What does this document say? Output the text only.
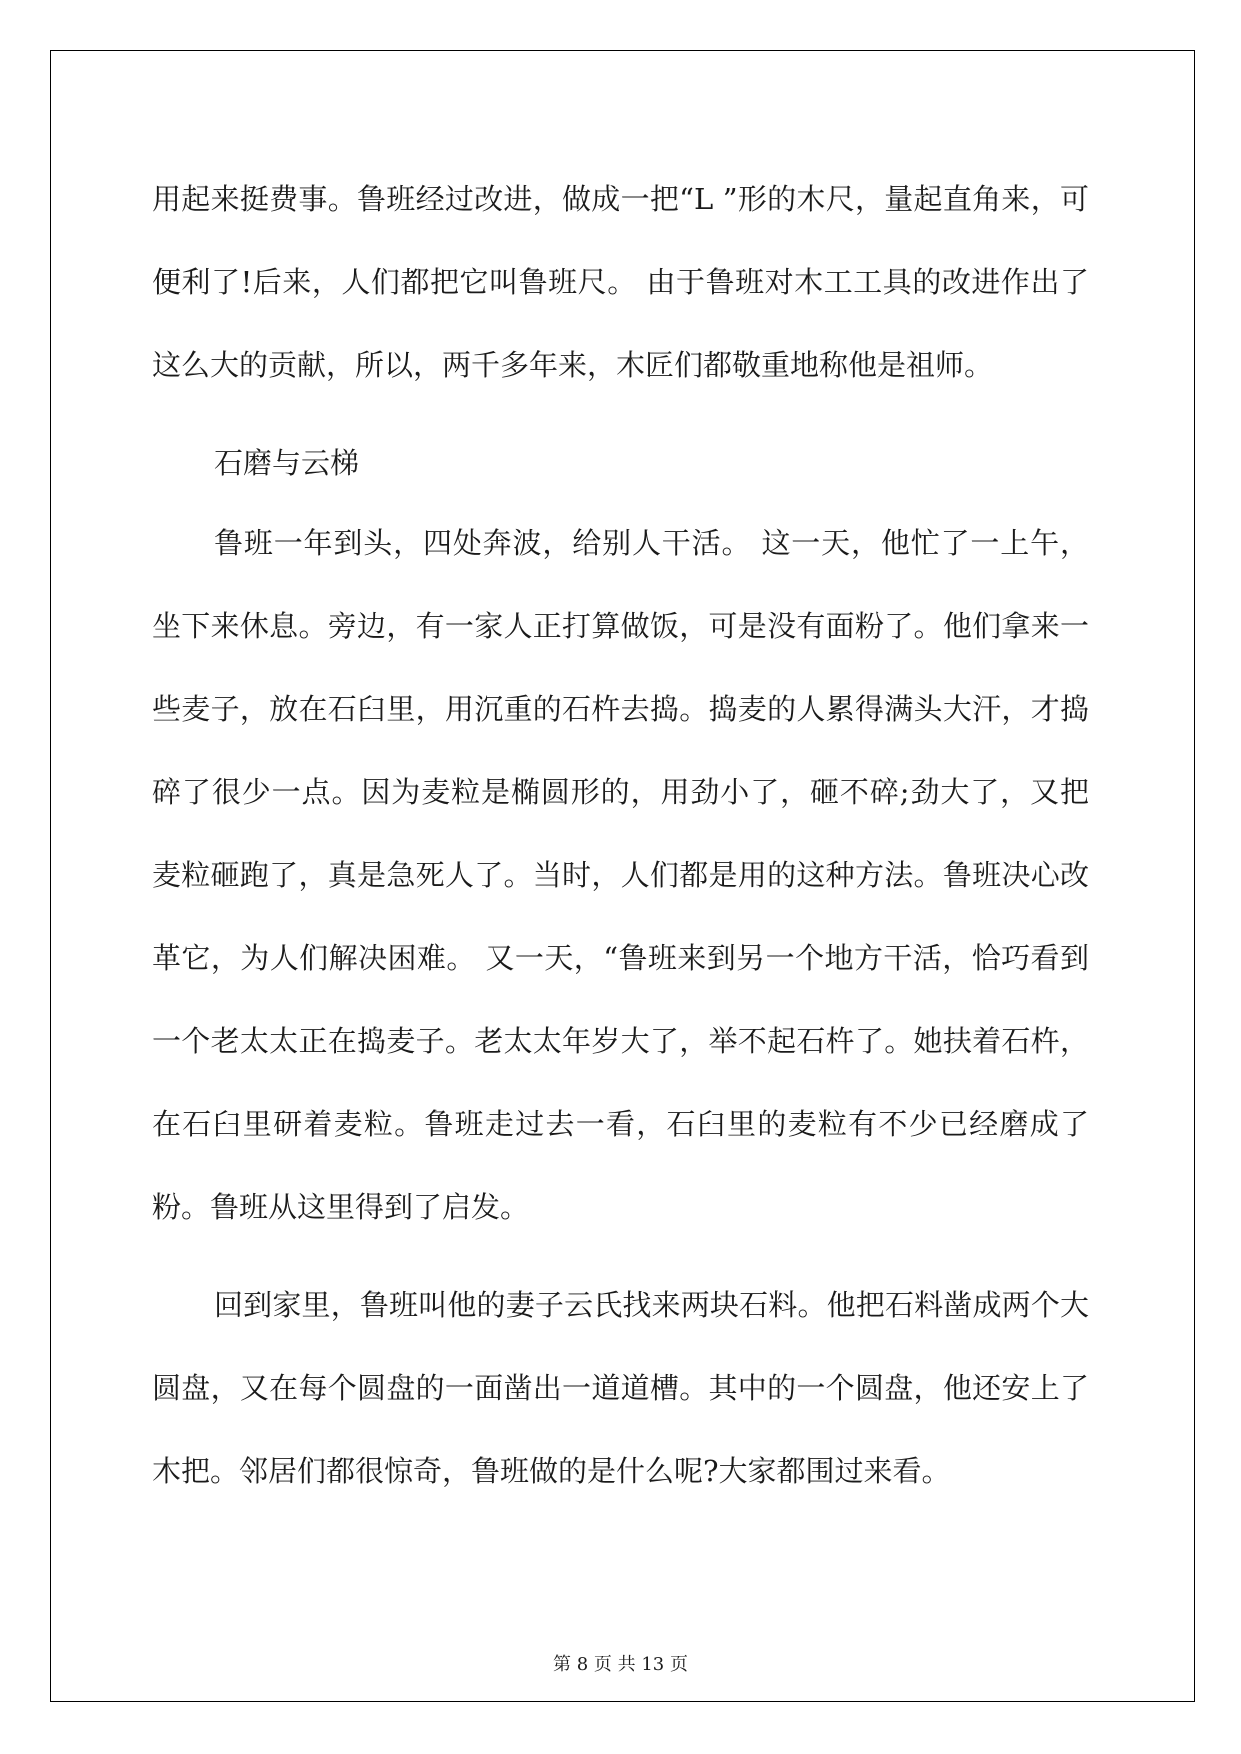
用起来挺费事。鲁班经过改进，做成一把“L ”形的木尺，量起直角来，可便利了!后来，人们都把它叫鲁班尺。 由于鲁班对木工工具的改进作出了这么大的贡献，所以，两千多年来，木匠们都敬重地称他是祖师。

石磨与云梯

鲁班一年到头，四处奔波，给别人干活。 这一天，他忙了一上午，坐下来休息。旁边，有一家人正打算做饭，可是没有面粉了。他们拿来一些麦子，放在石臼里，用沉重的石杵去捣。捣麦的人累得满头大汗，才捣碎了很少一点。因为麦粒是椭圆形的，用劲小了，砸不碎;劲大了，又把麦粒砸跑了，真是急死人了。当时，人们都是用的这种方法。鲁班决心改革它，为人们解决困难。 又一天，“鲁班来到另一个地方干活，恰巧看到一个老太太正在捣麦子。老太太年岁大了，举不起石杵了。她扶着石杵，在石臼里研着麦粒。鲁班走过去一看，石臼里的麦粒有不少已经磨成了粉。鲁班从这里得到了启发。

回到家里，鲁班叫他的妻子云氏找来两块石料。他把石料凿成两个大圆盘，又在每个圆盘的一面凿出一道道槽。其中的一个圆盘，他还安上了木把。邻居们都很惊奇，鲁班做的是什么呢?大家都围过来看。

第 8 页 共 13 页
